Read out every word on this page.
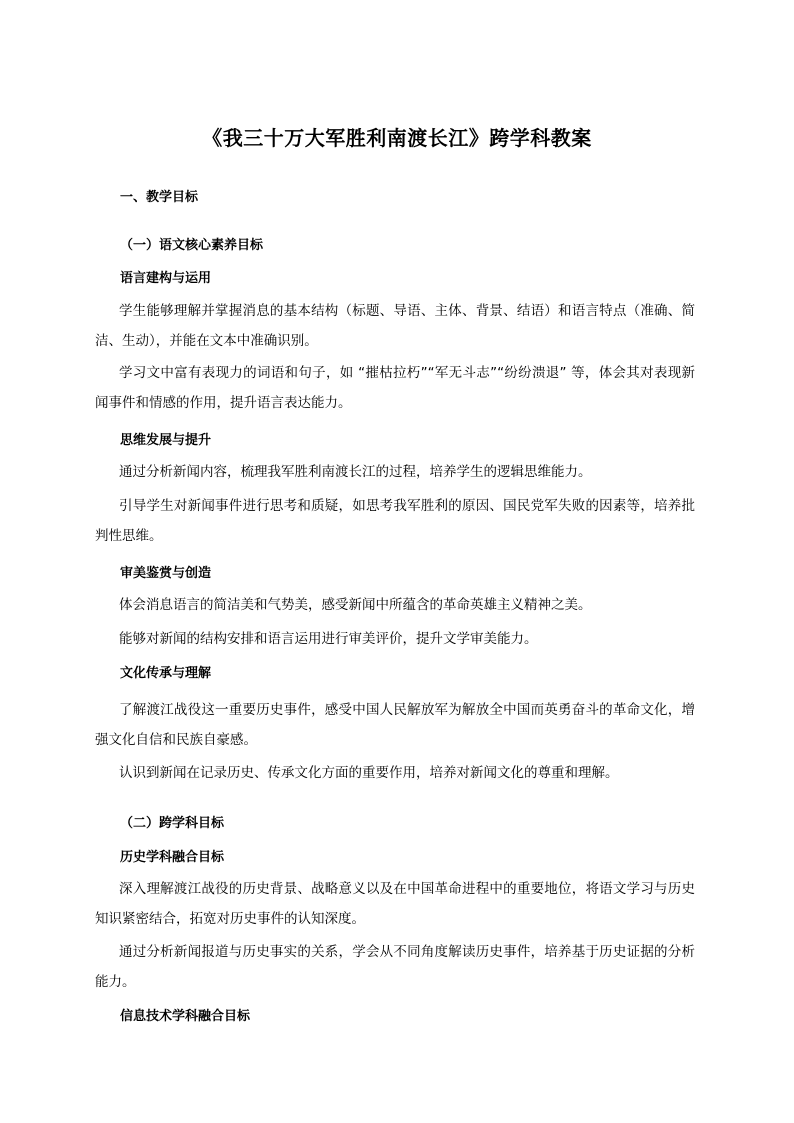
《我三十万大军胜利南渡长江》跨学科教案
一、教学目标
（一）语文核心素养目标
语言建构与运用
学生能够理解并掌握消息的基本结构（标题、导语、主体、背景、结语）和语言特点（准确、简洁、生动），并能在文本中准确识别。
学习文中富有表现力的词语和句子，如 “摧枯拉朽”“军无斗志”“纷纷溃退” 等，体会其对表现新闻事件和情感的作用，提升语言表达能力。
思维发展与提升
通过分析新闻内容，梳理我军胜利南渡长江的过程，培养学生的逻辑思维能力。
引导学生对新闻事件进行思考和质疑，如思考我军胜利的原因、国民党军失败的因素等，培养批判性思维。
审美鉴赏与创造
体会消息语言的简洁美和气势美，感受新闻中所蕴含的革命英雄主义精神之美。
能够对新闻的结构安排和语言运用进行审美评价，提升文学审美能力。
文化传承与理解
了解渡江战役这一重要历史事件，感受中国人民解放军为解放全中国而英勇奋斗的革命文化，增强文化自信和民族自豪感。
认识到新闻在记录历史、传承文化方面的重要作用，培养对新闻文化的尊重和理解。
（二）跨学科目标
历史学科融合目标
深入理解渡江战役的历史背景、战略意义以及在中国革命进程中的重要地位，将语文学习与历史知识紧密结合，拓宽对历史事件的认知深度。
通过分析新闻报道与历史事实的关系，学会从不同角度解读历史事件，培养基于历史证据的分析能力。
信息技术学科融合目标
